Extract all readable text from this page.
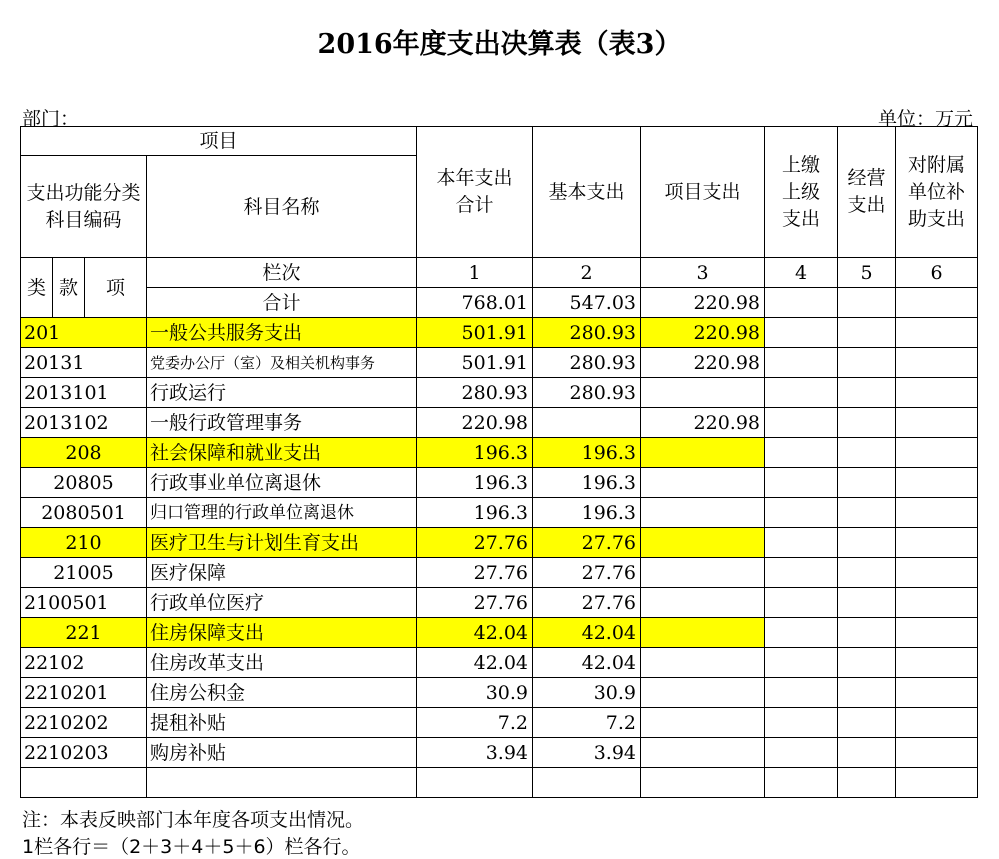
2016年度支出决算表（表3）
部门：	单位：万元
项目				本年支出合计	基本支出	项目支出	上缴上级支出	经营支出	对附属单位补助支出
支出功能分类科目编码			科目名称						
类	款	项	栏次	1	2	3	4	5	6
			合计	768.01	547.03	220.98			
201			一般公共服务支出	501.91	280.93	220.98			
20131			党委办公厅（室）及相关机构事务	501.91	280.93	220.98			
2013101			行政运行	280.93	280.93				
2013102			一般行政管理事务	220.98		220.98			
208			社会保障和就业支出	196.3	196.3				
20805			行政事业单位离退休	196.3	196.3				
2080501			归口管理的行政单位离退休	196.3	196.3				
210			医疗卫生与计划生育支出	27.76	27.76				
21005			医疗保障	27.76	27.76				
2100501			行政单位医疗	27.76	27.76				
221			住房保障支出	42.04	42.04				
22102			住房改革支出	42.04	42.04				
2210201			住房公积金	30.9	30.9				
2210202			提租补贴	7.2	7.2				
2210203			购房补贴	3.94	3.94				

注：本表反映部门本年度各项支出情况。
1栏各行＝（2＋3＋4＋5＋6）栏各行。
